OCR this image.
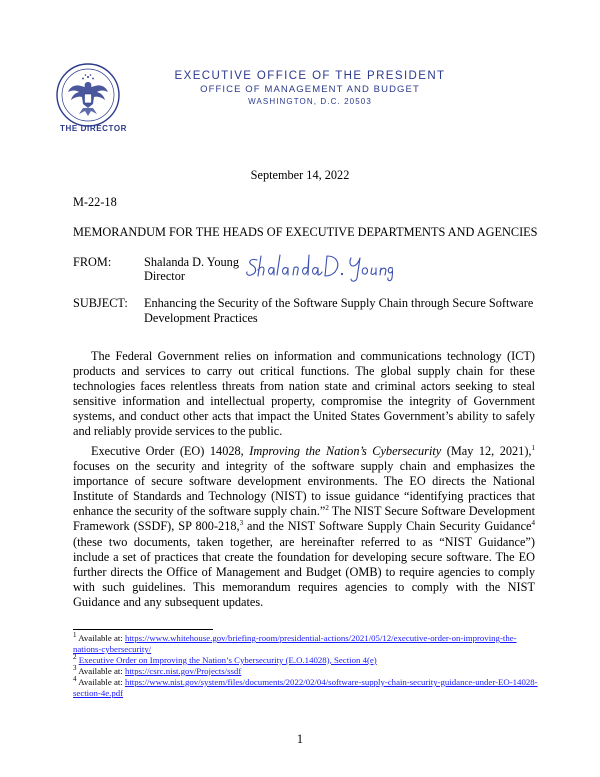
THE DIRECTOR
EXECUTIVE OFFICE OF THE PRESIDENT
OFFICE OF MANAGEMENT AND BUDGET
WASHINGTON, D.C. 20503
September 14, 2022
M-22-18
MEMORANDUM FOR THE HEADS OF EXECUTIVE DEPARTMENTS AND AGENCIES
FROM:	Shalanda D. Young
Director
SUBJECT: Enhancing the Security of the Software Supply Chain through Secure Software Development Practices
The Federal Government relies on information and communications technology (ICT) products and services to carry out critical functions. The global supply chain for these technologies faces relentless threats from nation state and criminal actors seeking to steal sensitive information and intellectual property, compromise the integrity of Government systems, and conduct other acts that impact the United States Government’s ability to safely and reliably provide services to the public.
Executive Order (EO) 14028, Improving the Nation’s Cybersecurity (May 12, 2021),$^1$ focuses on the security and integrity of the software supply chain and emphasizes the importance of secure software development environments. The EO directs the National Institute of Standards and Technology (NIST) to issue guidance “identifying practices that enhance the security of the software supply chain.”$^2$ The NIST Secure Software Development Framework (SSDF), SP 800-218,$^3$ and the NIST Software Supply Chain Security Guidance$^4$ (these two documents, taken together, are hereinafter referred to as “NIST Guidance”) include a set of practices that create the foundation for developing secure software. The EO further directs the Office of Management and Budget (OMB) to require agencies to comply with such guidelines. This memorandum requires agencies to comply with the NIST Guidance and any subsequent updates.

$^1$ Available at: https://www.whitehouse.gov/briefing-room/presidential-actions/2021/05/12/executive-order-on-improving-the-nations-cybersecurity/

$^2$ Executive Order on Improving the Nation’s Cybersecurity (E.O.14028), Section 4(e)

$^3$ Available at: https://csrc.nist.gov/Projects/ssdf

$^4$ Available at: https://www.nist.gov/system/files/documents/2022/02/04/software-supply-chain-security-guidance-under-EO-14028-section-4e.pdf

1
